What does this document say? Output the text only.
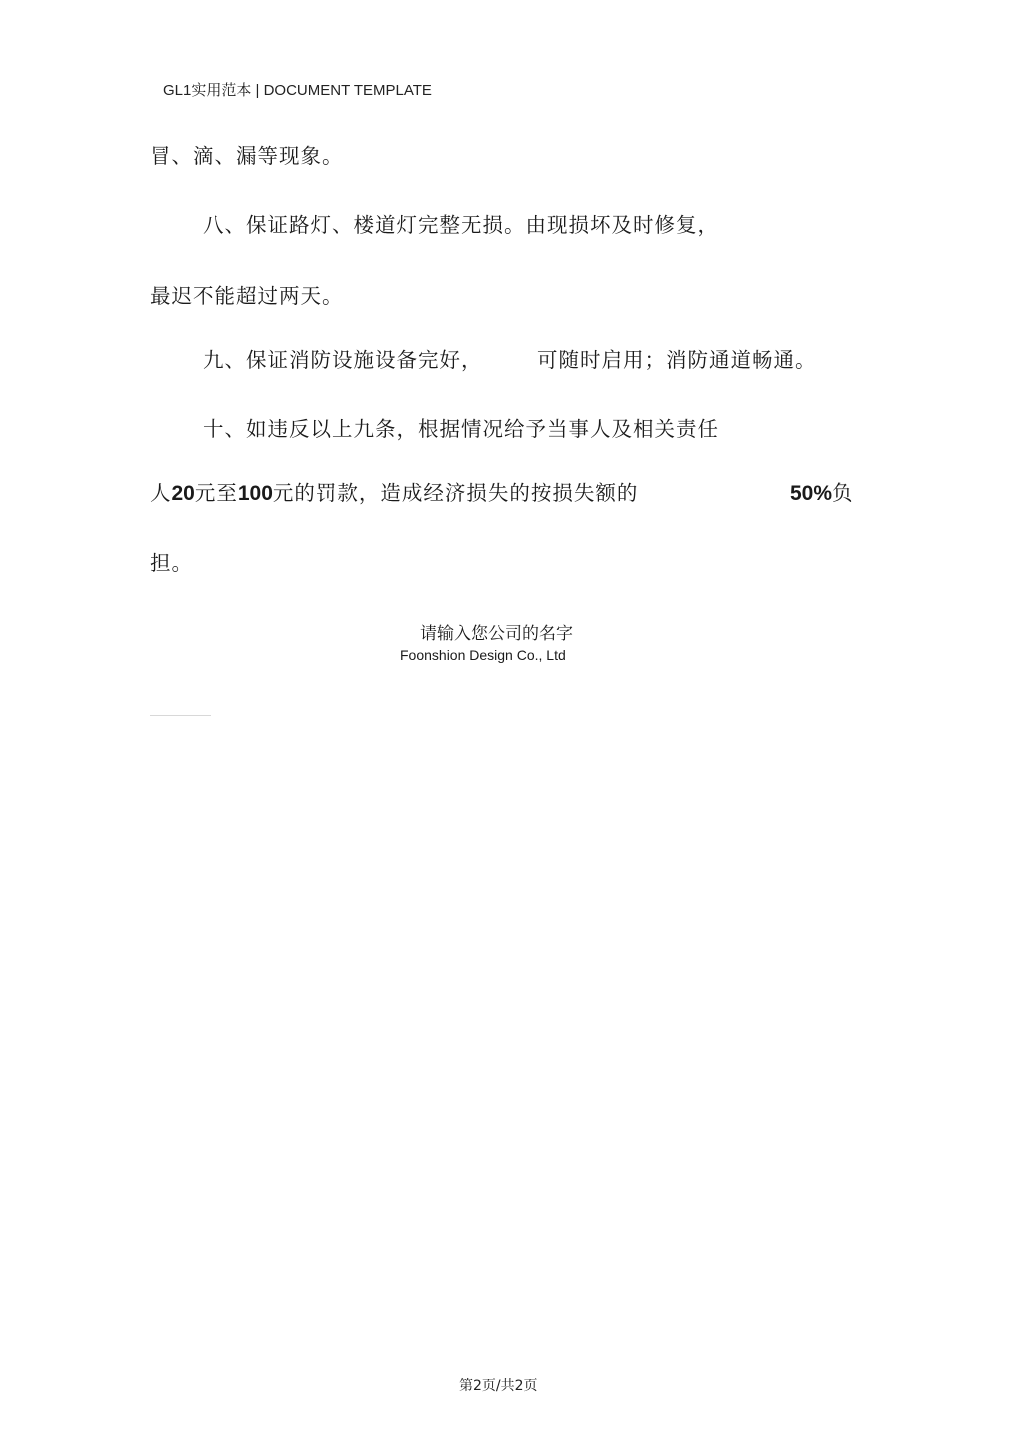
GL1实用范本 | DOCUMENT TEMPLATE
冒、滴、漏等现象。
八、保证路灯、楼道灯完整无损。由现损坏及时修复，
最迟不能超过两天。
九、保证消防设施设备完好，	可随时启用；消防通道畅通。
十、如违反以上九条，根据情况给予当事人及相关责任
人20元至100元的罚款，造成经济损失的按损失额的	50%负
担。
请输入您公司的名字
Foonshion Design Co., Ltd
第2页/共2页
